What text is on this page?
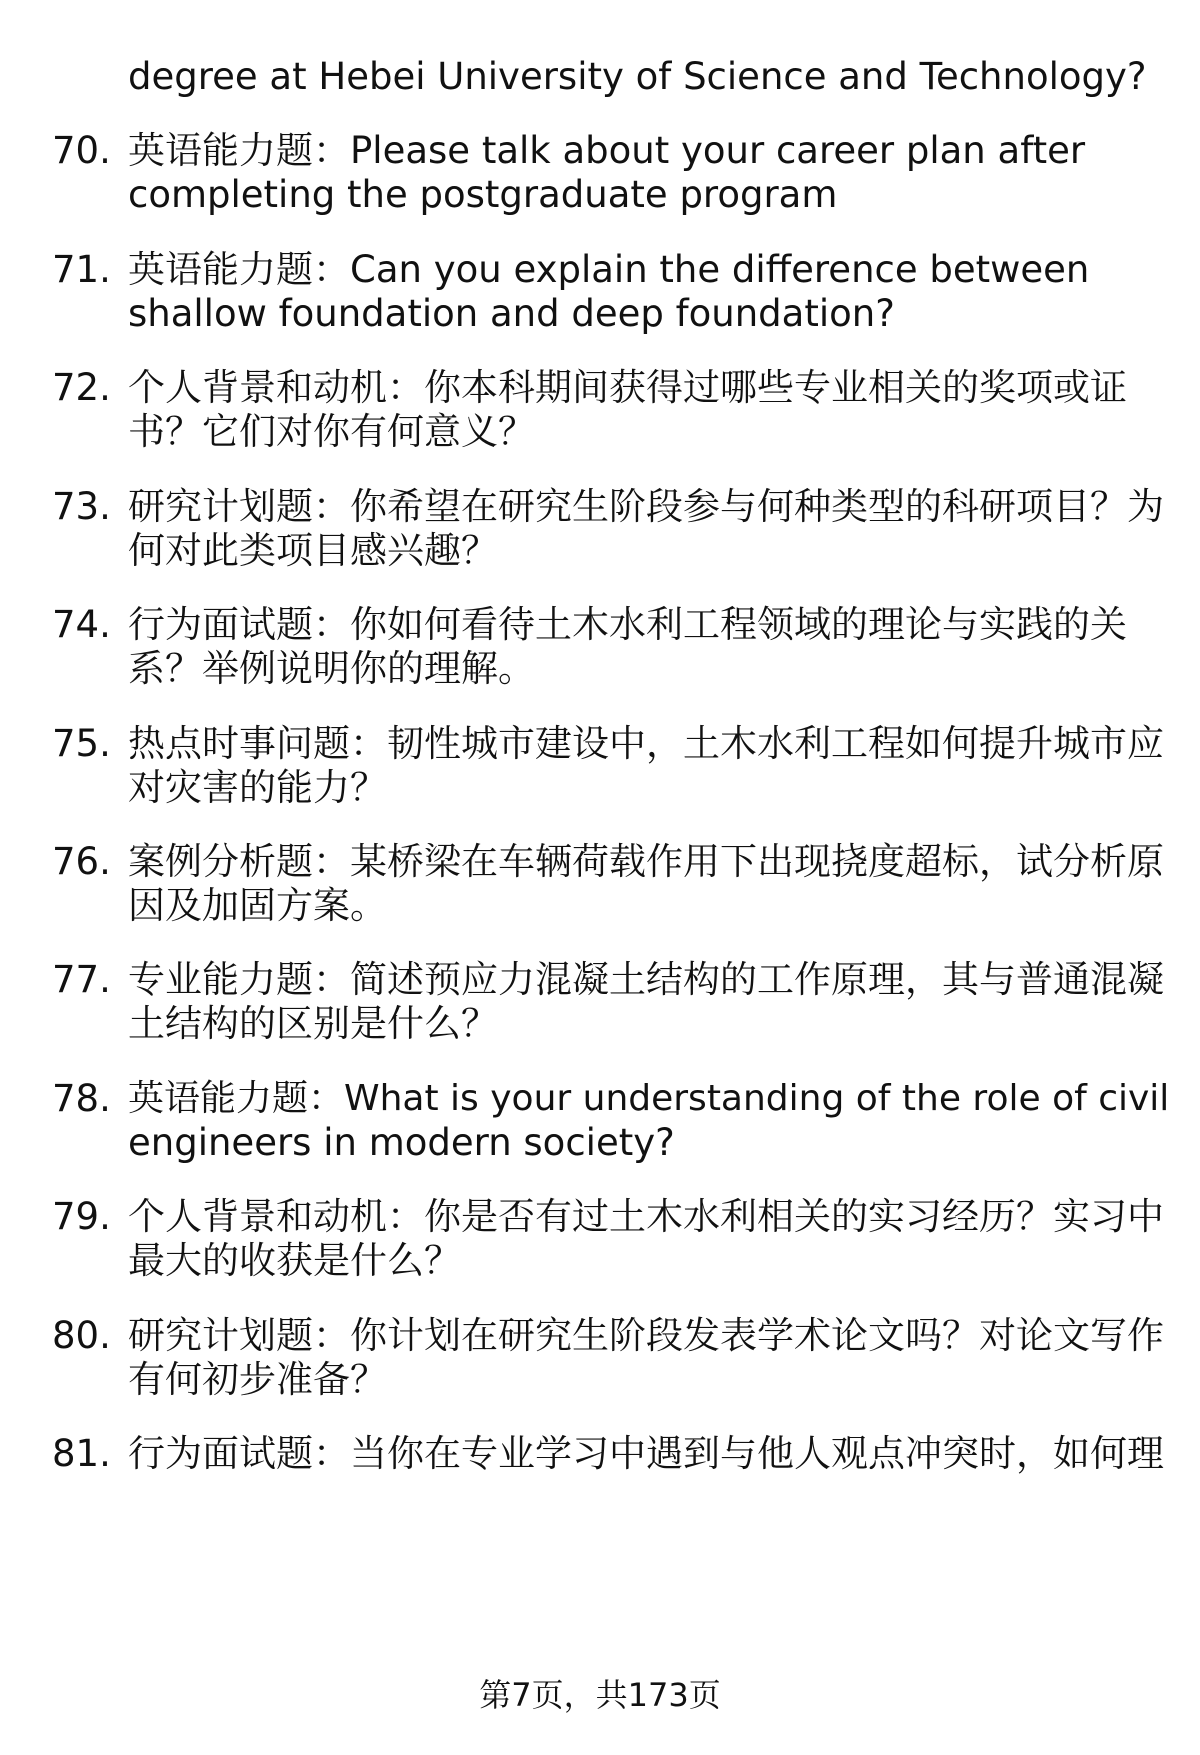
degree at Hebei University of Science and Technology?
70. 英语能力题：Please talk about your career plan after
completing the postgraduate program
71. 英语能力题：Can you explain the difference between
shallow foundation and deep foundation?
72. 个人背景和动机：你本科期间获得过哪些专业相关的奖项或证
书？它们对你有何意义？
73. 研究计划题：你希望在研究生阶段参与何种类型的科研项目？为
何对此类项目感兴趣？
74. 行为面试题：你如何看待土木水利工程领域的理论与实践的关
系？举例说明你的理解。
75. 热点时事问题：韧性城市建设中，土木水利工程如何提升城市应
对灾害的能力？
76. 案例分析题：某桥梁在车辆荷载作用下出现挠度超标，试分析原
因及加固方案。
77. 专业能力题：简述预应力混凝土结构的工作原理，其与普通混凝
土结构的区别是什么？
78. 英语能力题：What is your understanding of the role of civil
engineers in modern society?
79. 个人背景和动机：你是否有过土木水利相关的实习经历？实习中
最大的收获是什么？
80. 研究计划题：你计划在研究生阶段发表学术论文吗？对论文写作
有何初步准备？
81. 行为面试题：当你在专业学习中遇到与他人观点冲突时，如何理
第7页，共173页
